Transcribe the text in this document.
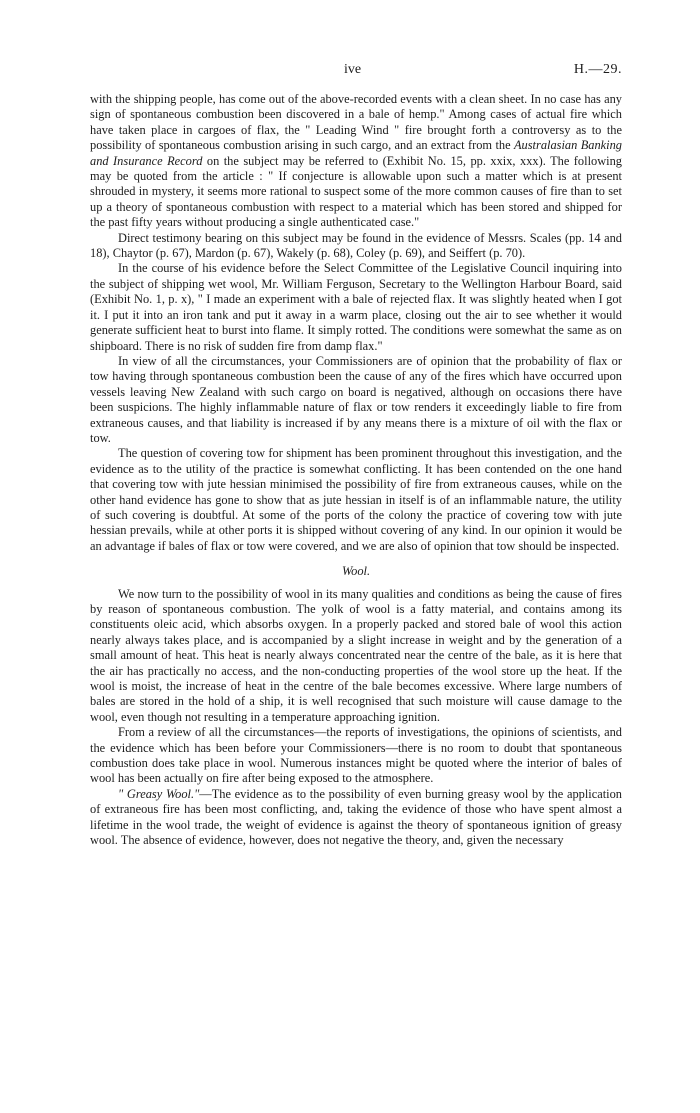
ive	H.—29.

with the shipping people, has come out of the above-recorded events with a clean sheet. In no case has any sign of spontaneous combustion been discovered in a bale of hemp." Among cases of actual fire which have taken place in cargoes of flax, the " Leading Wind " fire brought forth a controversy as to the possibility of spontaneous combustion arising in such cargo, and an extract from the Australasian Banking and Insurance Record on the subject may be referred to (Exhibit No. 15, pp. xxix, xxx). The following may be quoted from the article : " If conjecture is allowable upon such a matter which is at present shrouded in mystery, it seems more rational to suspect some of the more common causes of fire than to set up a theory of spontaneous combustion with respect to a material which has been stored and shipped for the past fifty years without producing a single authenticated case."

Direct testimony bearing on this subject may be found in the evidence of Messrs. Scales (pp. 14 and 18), Chaytor (p. 67), Mardon (p. 67), Wakely (p. 68), Coley (p. 69), and Seiffert (p. 70).

In the course of his evidence before the Select Committee of the Legislative Council inquiring into the subject of shipping wet wool, Mr. William Ferguson, Secretary to the Wellington Harbour Board, said (Exhibit No. 1, p. x), " I made an experiment with a bale of rejected flax. It was slightly heated when I got it. I put it into an iron tank and put it away in a warm place, closing out the air to see whether it would generate sufficient heat to burst into flame. It simply rotted. The conditions were somewhat the same as on shipboard. There is no risk of sudden fire from damp flax."

In view of all the circumstances, your Commissioners are of opinion that the probability of flax or tow having through spontaneous combustion been the cause of any of the fires which have occurred upon vessels leaving New Zealand with such cargo on board is negatived, although on occasions there have been suspicions. The highly inflammable nature of flax or tow renders it exceedingly liable to fire from extraneous causes, and that liability is increased if by any means there is a mixture of oil with the flax or tow.

The question of covering tow for shipment has been prominent throughout this investigation, and the evidence as to the utility of the practice is somewhat conflicting. It has been contended on the one hand that covering tow with jute hessian minimised the possibility of fire from extraneous causes, while on the other hand evidence has gone to show that as jute hessian in itself is of an inflammable nature, the utility of such covering is doubtful. At some of the ports of the colony the practice of covering tow with jute hessian prevails, while at other ports it is shipped without covering of any kind. In our opinion it would be an advantage if bales of flax or tow were covered, and we are also of opinion that tow should be inspected.

Wool.

We now turn to the possibility of wool in its many qualities and conditions as being the cause of fires by reason of spontaneous combustion. The yolk of wool is a fatty material, and contains among its constituents oleic acid, which absorbs oxygen. In a properly packed and stored bale of wool this action nearly always takes place, and is accompanied by a slight increase in weight and by the generation of a small amount of heat. This heat is nearly always concentrated near the centre of the bale, as it is here that the air has practically no access, and the non-conducting properties of the wool store up the heat. If the wool is moist, the increase of heat in the centre of the bale becomes excessive. Where large numbers of bales are stored in the hold of a ship, it is well recognised that such moisture will cause damage to the wool, even though not resulting in a temperature approaching ignition.

From a review of all the circumstances—the reports of investigations, the opinions of scientists, and the evidence which has been before your Commissioners—there is no room to doubt that spontaneous combustion does take place in wool. Numerous instances might be quoted where the interior of bales of wool has been actually on fire after being exposed to the atmosphere.

" Greasy Wool."—The evidence as to the possibility of even burning greasy wool by the application of extraneous fire has been most conflicting, and, taking the evidence of those who have spent almost a lifetime in the wool trade, the weight of evidence is against the theory of spontaneous ignition of greasy wool. The absence of evidence, however, does not negative the theory, and, given the necessary
